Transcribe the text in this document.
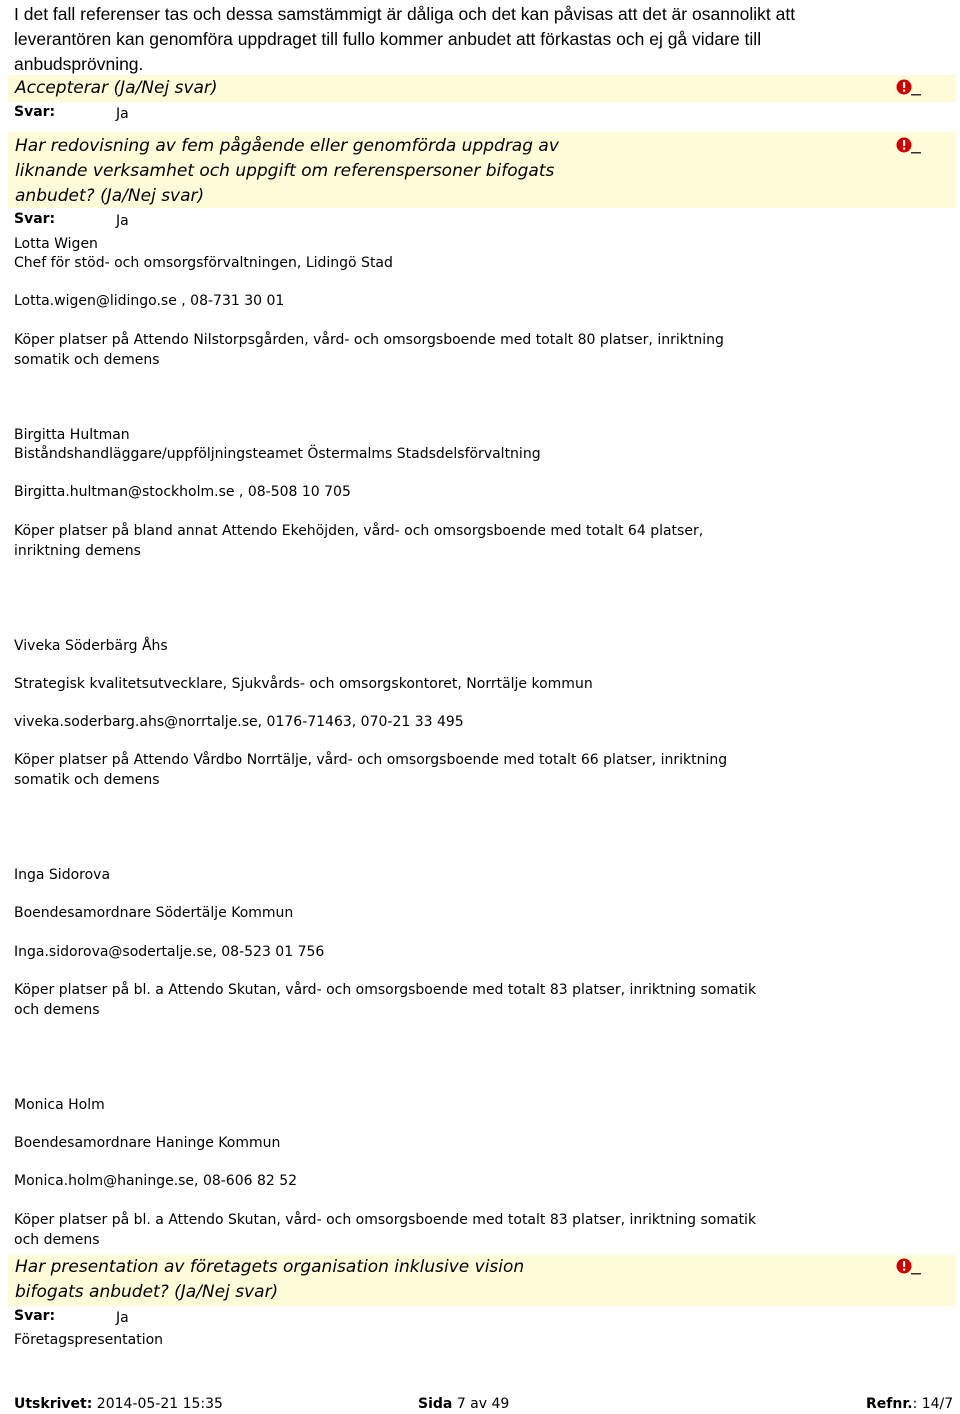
I det fall referenser tas och dessa samstämmigt är dåliga och det kan påvisas att det är osannolikt att leverantören kan genomföra uppdraget till fullo kommer anbudet att förkastas och ej gå vidare till anbudsprövning.
Accepterar (Ja/Nej svar)
Svar:	Ja
Har redovisning av fem pågående eller genomförda uppdrag av
liknande verksamhet och uppgift om referenspersoner bifogats
anbudet? (Ja/Nej svar)
Svar:	Ja
Lotta Wigen
Chef för stöd- och omsorgsförvaltningen, Lidingö Stad
Lotta.wigen@lidingo.se , 08-731 30 01
Köper platser på Attendo Nilstorpsgården, vård- och omsorgsboende med totalt 80 platser, inriktning somatik och demens
Birgitta Hultman
Biståndshandläggare/uppföljningsteamet Östermalms Stadsdelsförvaltning
Birgitta.hultman@stockholm.se , 08-508 10 705
Köper platser på bland annat Attendo Ekehöjden, vård- och omsorgsboende med totalt 64 platser, inriktning demens
Viveka Söderbärg Åhs
Strategisk kvalitetsutvecklare, Sjukvårds- och omsorgskontoret, Norrtälje kommun
viveka.soderbarg.ahs@norrtalje.se, 0176-71463, 070-21 33 495
Köper platser på Attendo Vårdbo Norrtälje, vård- och omsorgsboende med totalt 66 platser, inriktning somatik och demens
Inga Sidorova
Boendesamordnare Södertälje Kommun
Inga.sidorova@sodertalje.se, 08-523 01 756
Köper platser på bl. a Attendo Skutan, vård- och omsorgsboende med totalt 83 platser, inriktning somatik och demens
Monica Holm
Boendesamordnare Haninge Kommun
Monica.holm@haninge.se, 08-606 82 52
Köper platser på bl. a Attendo Skutan, vård- och omsorgsboende med totalt 83 platser, inriktning somatik och demens
Har presentation av företagets organisation inklusive vision
bifogats anbudet? (Ja/Nej svar)
Svar:	Ja
Företagspresentation
Utskrivet: 2014-05-21 15:35	Sida 7 av 49	Refnr.: 14/7
